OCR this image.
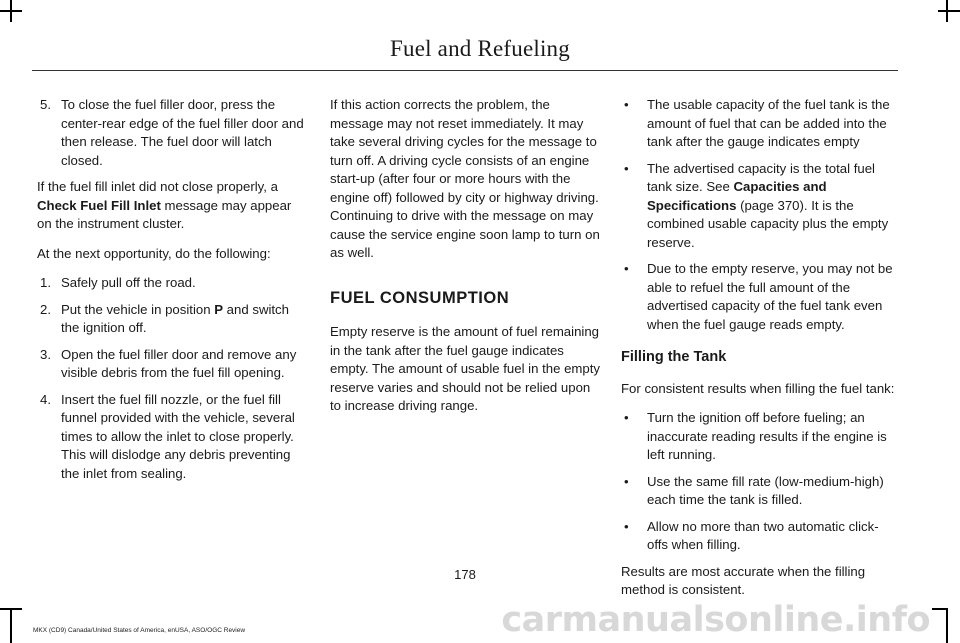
Fuel and Refueling
5. To close the fuel filler door, press the center-rear edge of the fuel filler door and then release. The fuel door will latch closed.

If the fuel fill inlet did not close properly, a Check Fuel Fill Inlet message may appear on the instrument cluster.

At the next opportunity, do the following:

1. Safely pull off the road.
2. Put the vehicle in position P and switch the ignition off.
3. Open the fuel filler door and remove any visible debris from the fuel fill opening.
4. Insert the fuel fill nozzle, or the fuel fill funnel provided with the vehicle, several times to allow the inlet to close properly. This will dislodge any debris preventing the inlet from sealing.

If this action corrects the problem, the message may not reset immediately. It may take several driving cycles for the message to turn off. A driving cycle consists of an engine start-up (after four or more hours with the engine off) followed by city or highway driving. Continuing to drive with the message on may cause the service engine soon lamp to turn on as well.

FUEL CONSUMPTION

Empty reserve is the amount of fuel remaining in the tank after the fuel gauge indicates empty. The amount of usable fuel in the empty reserve varies and should not be relied upon to increase driving range.

• The usable capacity of the fuel tank is the amount of fuel that can be added into the tank after the gauge indicates empty
• The advertised capacity is the total fuel tank size. See Capacities and Specifications (page 370). It is the combined usable capacity plus the empty reserve.
• Due to the empty reserve, you may not be able to refuel the full amount of the advertised capacity of the fuel tank even when the fuel gauge reads empty.
Filling the Tank

For consistent results when filling the fuel tank:

• Turn the ignition off before fueling; an inaccurate reading results if the engine is left running.
• Use the same fill rate (low-medium-high) each time the tank is filled.
• Allow no more than two automatic click-offs when filling.

Results are most accurate when the filling method is consistent.

178
MKX (CD9) Canada/United States of America, enUSA, ASO/OGC Review	carmanualsonline.info
